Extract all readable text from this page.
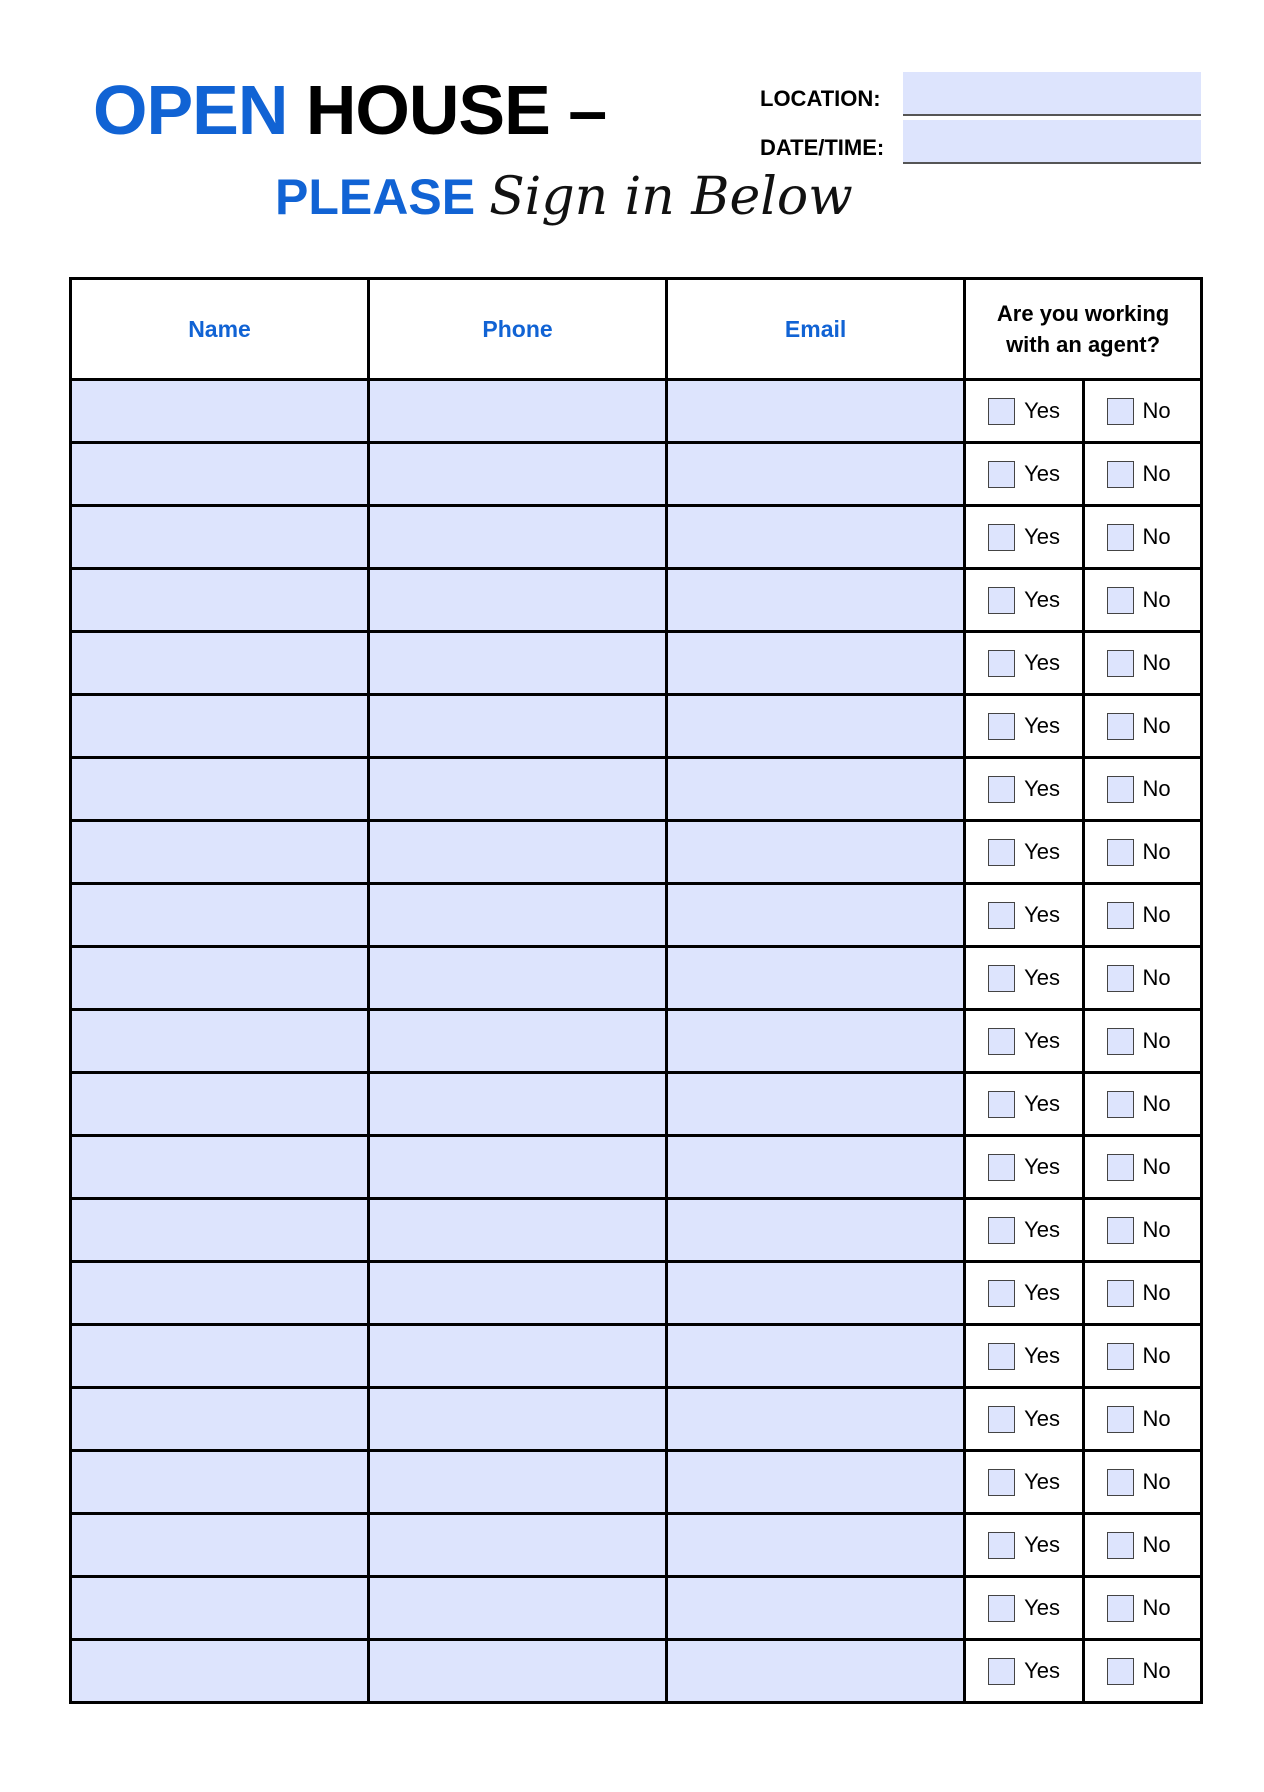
OPEN HOUSE –
PLEASE Sign in Below
LOCATION:
DATE/TIME:
Name	Phone	Email	Are you working
with an agent?	

Yes	No

Yes	No

Yes	No

Yes	No

Yes	No

Yes	No

Yes	No

Yes	No

Yes	No

Yes	No

Yes	No

Yes	No

Yes	No

Yes	No

Yes	No

Yes	No

Yes	No

Yes	No

Yes	No

Yes	No

Yes	No
